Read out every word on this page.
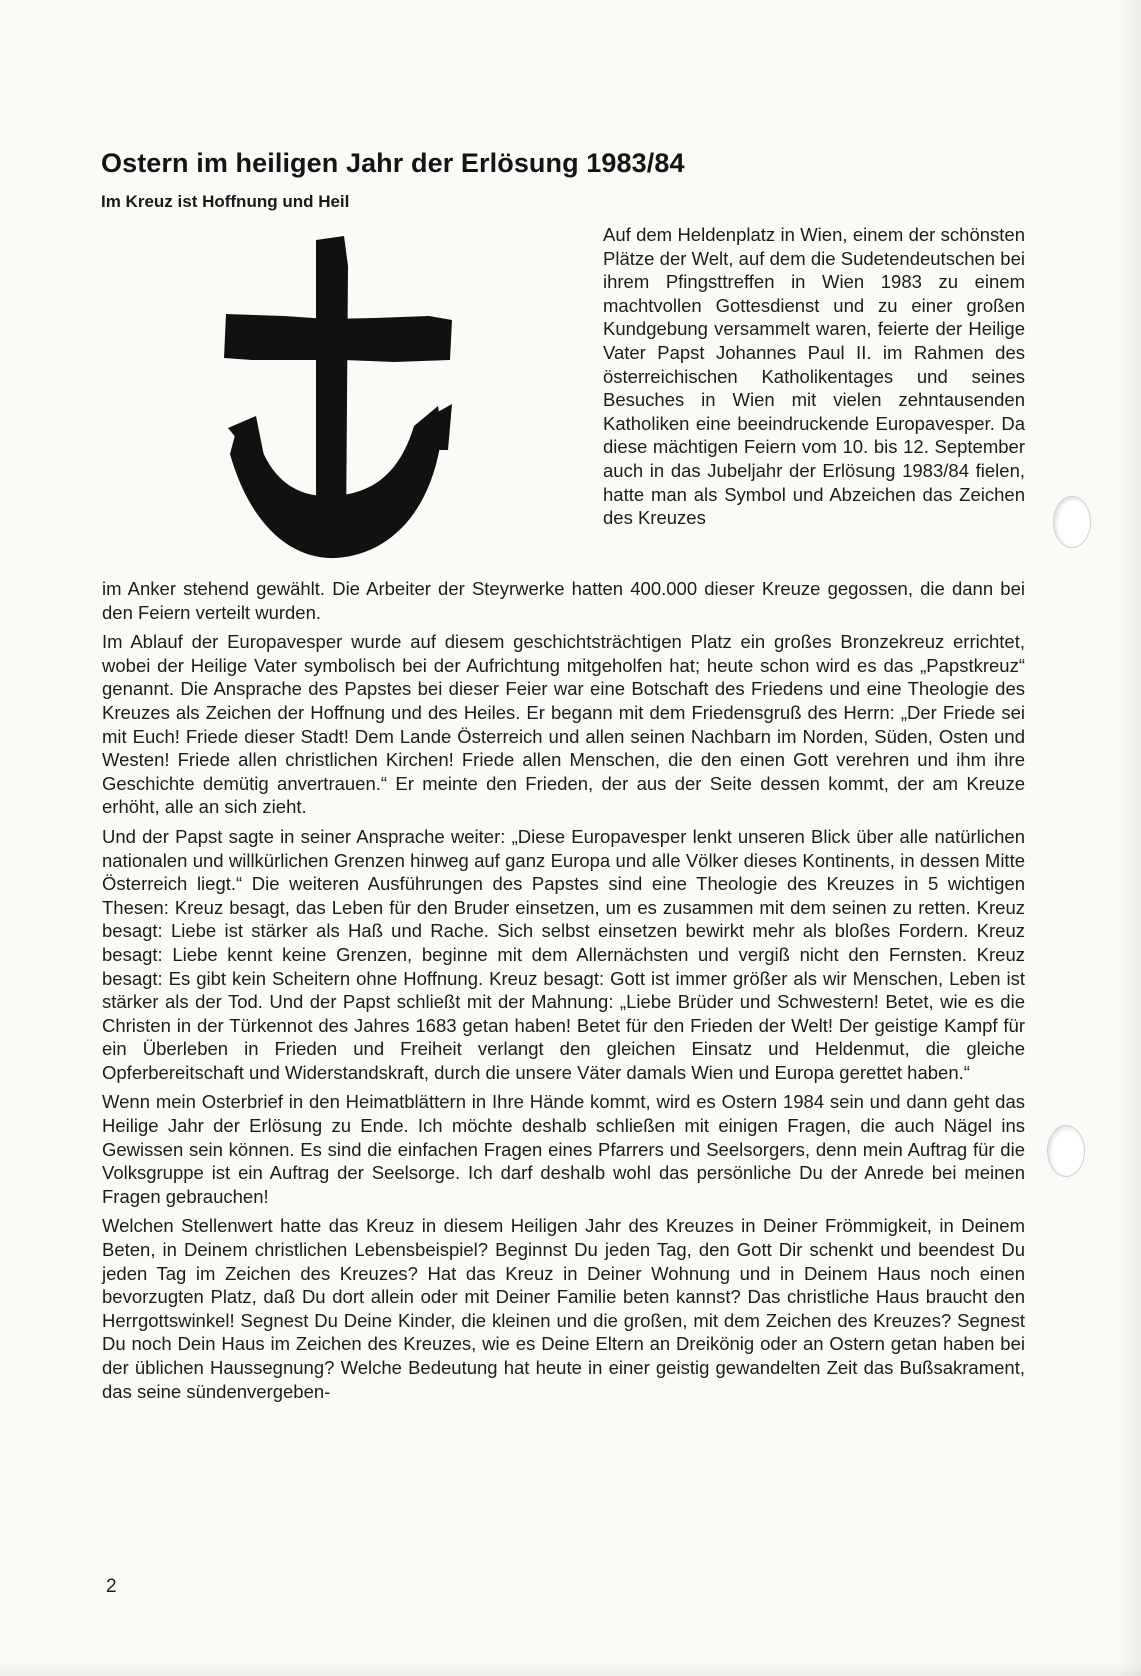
Ostern im heiligen Jahr der Erlösung 1983/84
Im Kreuz ist Hoffnung und Heil

Auf dem Heldenplatz in Wien, einem der schönsten Plätze der Welt, auf dem die Sudetendeutschen bei ihrem Pfingsttreffen in Wien 1983 zu einem machtvollen Gottesdienst und zu einer großen Kundgebung versammelt waren, feierte der Heilige Vater Papst Johannes Paul II. im Rahmen des österreichischen Katholikentages und seines Besuches in Wien mit vielen zehntausenden Katholiken eine beeindruckende Europavesper. Da diese mächtigen Feiern vom 10. bis 12. September auch in das Jubeljahr der Erlösung 1983/84 fielen, hatte man als Symbol und Abzeichen das Zeichen des Kreuzes

im Anker stehend gewählt. Die Arbeiter der Steyrwerke hatten 400.000 dieser Kreuze gegossen, die dann bei den Feiern verteilt wurden.

Im Ablauf der Europavesper wurde auf diesem geschichtsträchtigen Platz ein großes Bronzekreuz errichtet, wobei der Heilige Vater symbolisch bei der Aufrichtung mitgeholfen hat; heute schon wird es das „Papstkreuz“ genannt. Die Ansprache des Papstes bei dieser Feier war eine Botschaft des Friedens und eine Theologie des Kreuzes als Zeichen der Hoffnung und des Heiles. Er begann mit dem Friedensgruß des Herrn: „Der Friede sei mit Euch! Friede dieser Stadt! Dem Lande Österreich und allen seinen Nachbarn im Norden, Süden, Osten und Westen! Friede allen christlichen Kirchen! Friede allen Menschen, die den einen Gott verehren und ihm ihre Geschichte demütig anvertrauen.“ Er meinte den Frieden, der aus der Seite dessen kommt, der am Kreuze erhöht, alle an sich zieht.

Und der Papst sagte in seiner Ansprache weiter: „Diese Europavesper lenkt unseren Blick über alle natürlichen nationalen und willkürlichen Grenzen hinweg auf ganz Europa und alle Völker dieses Kontinents, in dessen Mitte Österreich liegt.“ Die weiteren Ausführungen des Papstes sind eine Theologie des Kreuzes in 5 wichtigen Thesen: Kreuz besagt, das Leben für den Bruder einsetzen, um es zusammen mit dem seinen zu retten. Kreuz besagt: Liebe ist stärker als Haß und Rache. Sich selbst einsetzen bewirkt mehr als bloßes Fordern. Kreuz besagt: Liebe kennt keine Grenzen, beginne mit dem Allernächsten und vergiß nicht den Fernsten. Kreuz besagt: Es gibt kein Scheitern ohne Hoffnung. Kreuz besagt: Gott ist immer größer als wir Menschen, Leben ist stärker als der Tod. Und der Papst schließt mit der Mahnung: „Liebe Brüder und Schwestern! Betet, wie es die Christen in der Türkennot des Jahres 1683 getan haben! Betet für den Frieden der Welt! Der geistige Kampf für ein Überleben in Frieden und Freiheit verlangt den gleichen Einsatz und Heldenmut, die gleiche Opferbereitschaft und Widerstandskraft, durch die unsere Väter damals Wien und Europa gerettet haben.“

Wenn mein Osterbrief in den Heimatblättern in Ihre Hände kommt, wird es Ostern 1984 sein und dann geht das Heilige Jahr der Erlösung zu Ende. Ich möchte deshalb schließen mit einigen Fragen, die auch Nägel ins Gewissen sein können. Es sind die einfachen Fragen eines Pfarrers und Seelsorgers, denn mein Auftrag für die Volksgruppe ist ein Auftrag der Seelsorge. Ich darf deshalb wohl das persönliche Du der Anrede bei meinen Fragen gebrauchen!

Welchen Stellenwert hatte das Kreuz in diesem Heiligen Jahr des Kreuzes in Deiner Frömmigkeit, in Deinem Beten, in Deinem christlichen Lebensbeispiel? Beginnst Du jeden Tag, den Gott Dir schenkt und beendest Du jeden Tag im Zeichen des Kreuzes? Hat das Kreuz in Deiner Wohnung und in Deinem Haus noch einen bevorzugten Platz, daß Du dort allein oder mit Deiner Familie beten kannst? Das christliche Haus braucht den Herrgottswinkel! Segnest Du Deine Kinder, die kleinen und die großen, mit dem Zeichen des Kreuzes? Segnest Du noch Dein Haus im Zeichen des Kreuzes, wie es Deine Eltern an Dreikönig oder an Ostern getan haben bei der üblichen Haussegnung? Welche Bedeutung hat heute in einer geistig gewandelten Zeit das Bußsakrament, das seine sündenvergeben-

2
